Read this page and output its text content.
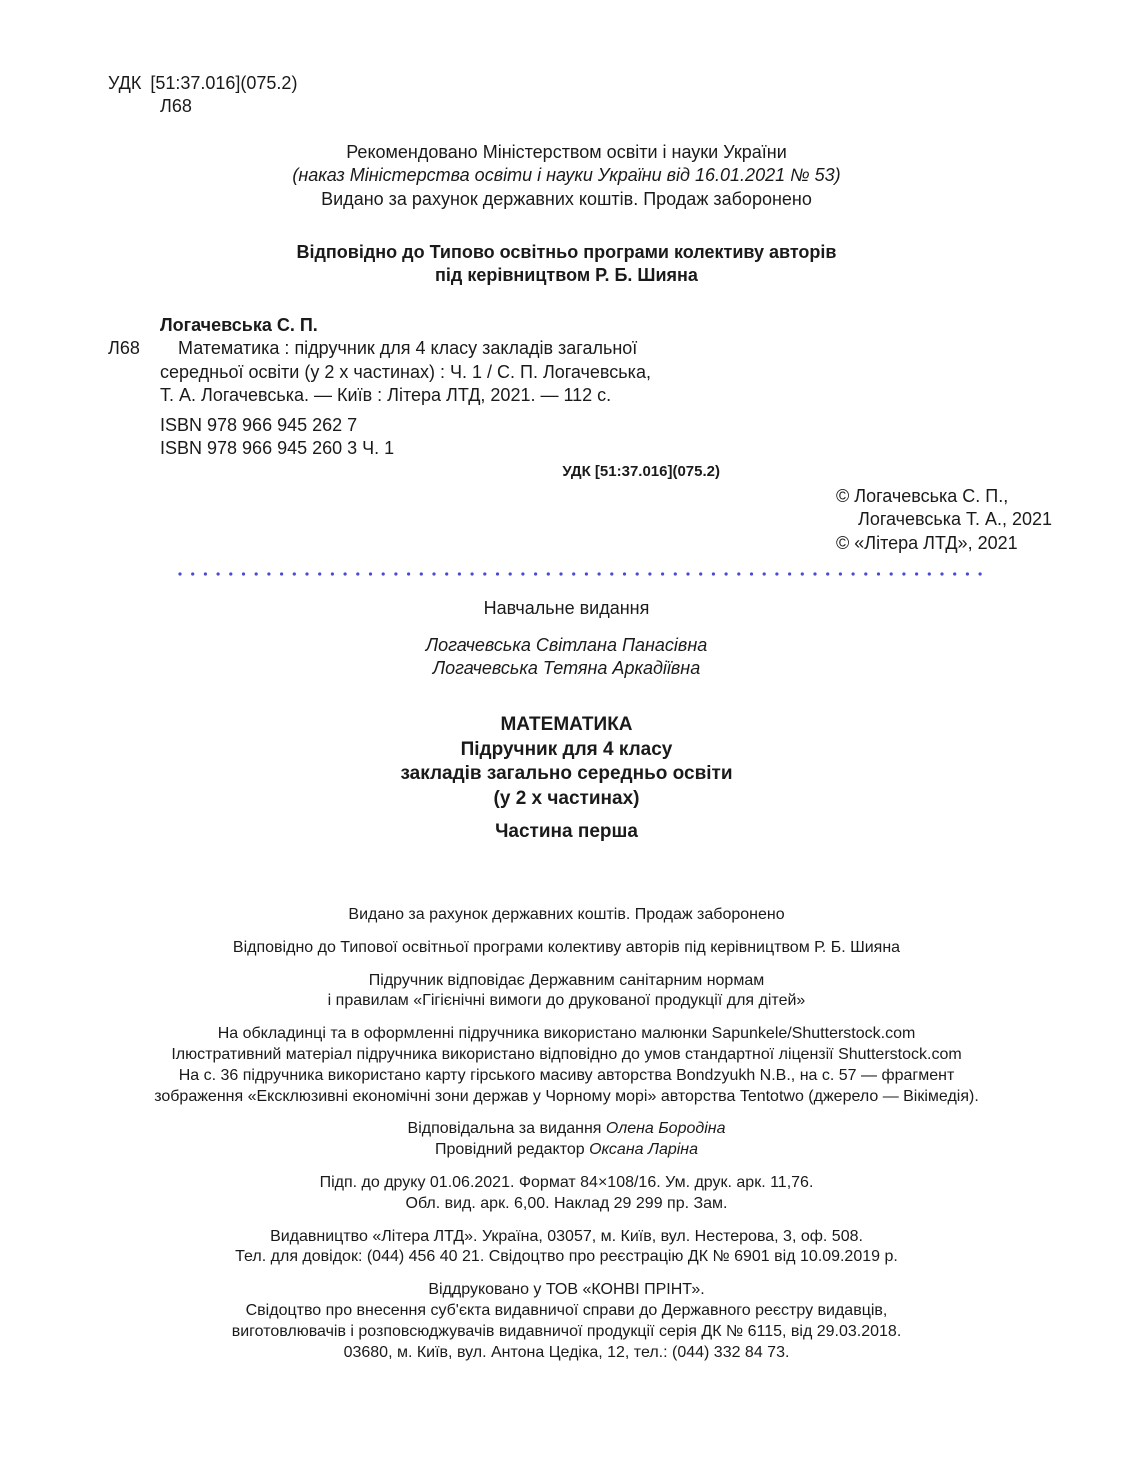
УДК [51:37.016](075.2)
Л68
Рекомендовано Міністерством освіти і науки України
(наказ Міністерства освіти і науки України від 16.01.2021 № 53)
Видано за рахунок державних коштів. Продаж заборонено
Відповідно до Типово освітньо програми колективу авторів
під керівництвом Р. Б. Шияна
Логачевська С. П.
Л68	Математика : підручник для 4 класу закладів загальної
середньої освіти (у 2 х частинах) : Ч. 1 / С. П. Логачевська,
Т. А. Логачевська. — Київ : Літера ЛТД, 2021. — 112 с.
ISBN 978 966 945 262 7
ISBN 978 966 945 260 3 Ч. 1
УДК [51:37.016](075.2)
© Логачевська С. П.,
Логачевська Т. А., 2021
© «Літера ЛТД», 2021
Навчальне видання
Логачевська Світлана Панасівна
Логачевська Тетяна Аркадіївна
МАТЕМАТИКА
Підручник для 4 класу
закладів загально середньо освіти
(у 2 х частинах)
Частина перша
Видано за рахунок державних коштів. Продаж заборонено
Відповідно до Типової освітньої програми колективу авторів під керівництвом Р. Б. Шияна
Підручник відповідає Державним санітарним нормам
і правилам «Гігієнічні вимоги до друкованої продукції для дітей»
На обкладинці та в оформленні підручника використано малюнки Sapunkele/Shutterstock.com
Ілюстративний матеріал підручника використано відповідно до умов стандартної ліцензії Shutterstock.com
На с. 36 підручника використано карту гірського масиву авторства Bondzyukh N.B., на с. 57 — фрагмент
зображення «Ексклюзивні економічні зони держав у Чорному морі» авторства Tentotwo (джерело — Вікімедія).
Відповідальна за видання Олена Бородіна
Провідний редактор Оксана Ларіна
Підп. до друку 01.06.2021. Формат 84×108/16. Ум. друк. арк. 11,76.
Обл. вид. арк. 6,00. Наклад 29 299 пр. Зам.
Видавництво «Літера ЛТД». Україна, 03057, м. Київ, вул. Нестерова, 3, оф. 508.
Тел. для довідок: (044) 456 40 21. Свідоцтво про реєстрацію ДК № 6901 від 10.09.2019 р.
Віддруковано у ТОВ «КОНВІ ПРІНТ».
Свідоцтво про внесення суб'єкта видавничої справи до Державного реєстру видавців,
виготовлювачів і розповсюджувачів видавничої продукції серія ДК № 6115, від 29.03.2018.
03680, м. Київ, вул. Антона Цедіка, 12, тел.: (044) 332 84 73.
